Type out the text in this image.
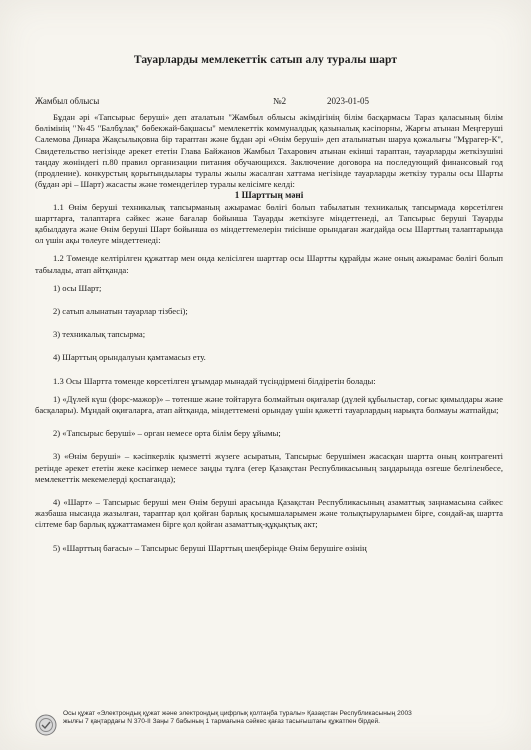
Тауарларды мемлекеттік сатып алу туралы шарт
Жамбыл облысы	№2	2023-01-05

Бұдан әрі «Тапсырыс беруші» деп аталатын "Жамбыл облысы әкімдігінің білім басқармасы Тараз қаласының білім бөлімінің "№45 "Балбұлақ" бөбекжай-бақшасы" мемлекеттік коммуналдық қазыналық кәсіпорны, Жарғы атынан Меңгеруші Салемова Динара Жақсылықовна бір тараптан және бұдан әрі «Өнім беруші» деп аталынатын шаруа қожалығы "Мұрагер-К", Свидетельство негізінде әрекет ететін Глава Байжанов Жамбыл Тахарович атынан екінші тараптан, тауарларды жеткізушіні таңдау жөніндегі п.80 правил организации питания обучающихся. Заключение договора на последующий финансовый год (продление). конкурстың қорытындылары туралы жылы жасалған хаттама негізінде тауарларды жеткізу туралы осы Шарты (бұдан әрі – Шарт) жасасты және төмендегілер туралы келісімге келді:

1 Шарттың мәні

1.1 Өнім беруші техникалық тапсырманың ажырамас бөлігі болып табылатын техникалық тапсырмада көрсетілген шарттарға, талаптарға сәйкес және бағалар бойынша Тауарды жеткізуге міндеттенеді, ал Тапсырыс беруші Тауарды қабылдауға және Өнім беруші Шарт бойынша өз міндеттемелерін тиісінше орындаған жағдайда осы Шарттың талаптарында ол үшін ақы төлеуге міндеттенеді:

1.2 Төменде келтірілген құжаттар мен онда келісілген шарттар осы Шартты құрайды және оның ажырамас бөлігі болып табылады, атап айтқанда:

1) осы Шарт;

2) сатып алынатын тауарлар тізбесі);

3) техникалық тапсырма;

4) Шарттың орындалуын қамтамасыз ету.

1.3 Осы Шартта төменде көрсетілген ұғымдар мынадай түсіндірмені білдіретін болады:

1) «Дүлей күш (форс-мажор)» – төтенше және тойтаруға болмайтын оқиғалар (дүлей құбылыстар, соғыс қимылдары және басқалары). Мұндай оқиғаларға, атап айтқанда, міндеттемені орындау үшін қажетті тауарлардың нарықта болмауы жатпайды;

2) «Тапсырыс беруші» – орган немесе орта білім беру ұйымы;

3) «Өнім беруші» – кәсіпкерлік қызметті жүзеге асыратын, Тапсырыс берушімен жасасқан шартта оның контрагенті ретінде әрекет ететін жеке кәсіпкер немесе заңды тұлға (егер Қазақстан Республикасының заңдарында өзгеше белгіленбесе, мемлекеттік мекемелерді қоспағанда);

4) «Шарт» – Тапсырыс беруші мен Өнім беруші арасында Қазақстан Республикасының азаматтық заңнамасына сәйкес жазбаша нысанда жазылған, тараптар қол қойған барлық қосымшаларымен және толықтыруларымен бірге, сондай-ақ шартта сілтеме бар барлық құжаттамамен бірге қол қойған азаматтық-құқықтық акт;

5) «Шарттың бағасы» – Тапсырыс беруші Шарттың шеңберінде Өнім берушіге өзінің

Осы құжат «Электрондық құжат және электрондық цифрлық қолтаңба туралы» Қазақстан Республикасының 2003 жылғы 7 қаңтардағы N 370-II Заңы 7 бабының 1 тармағына сәйкес қағаз тасығыштағы құжатпен бірдей.
